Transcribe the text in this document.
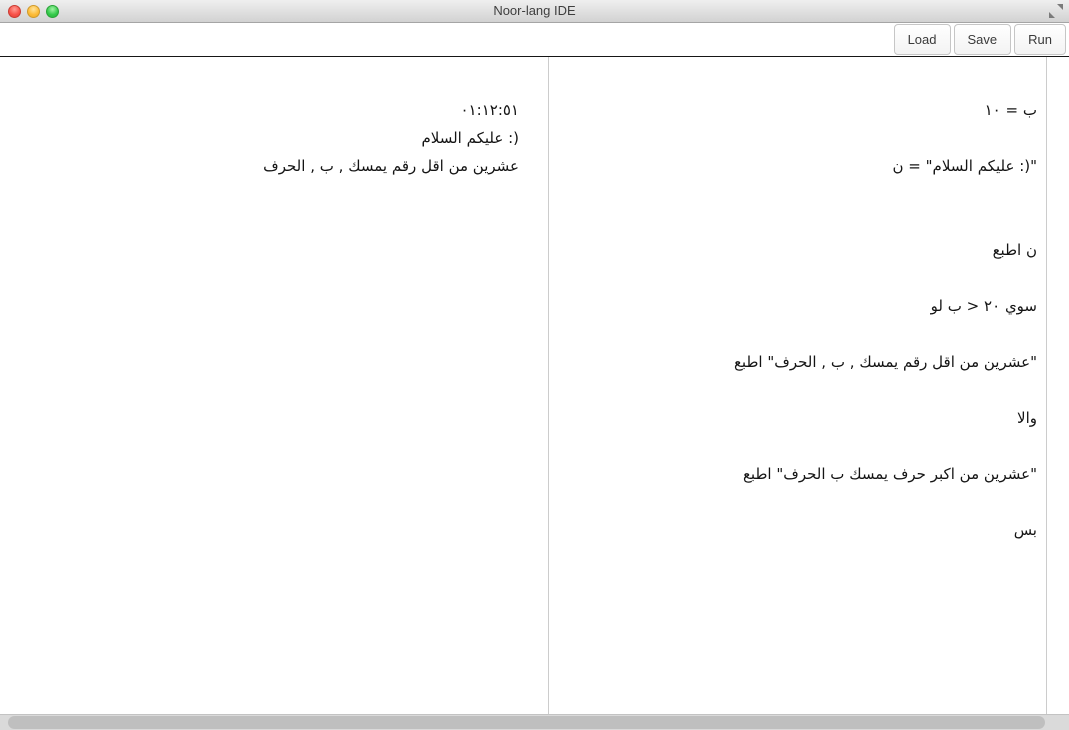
Noor-lang IDE
Load	Save	Run
٠١:١٢:٥١
السلام عليكم :)
الحرف , ب , يمسك رقم اقل من عشرين
١٠ = ب

ن = "السلام عليكم :)"

اطبع ن

لو ب > ٢٠ سوي

اطبع "الحرف , ب , يمسك رقم اقل من عشرين"

والا

اطبع "الحرف ب يمسك حرف اكبر من عشرين"

بس
